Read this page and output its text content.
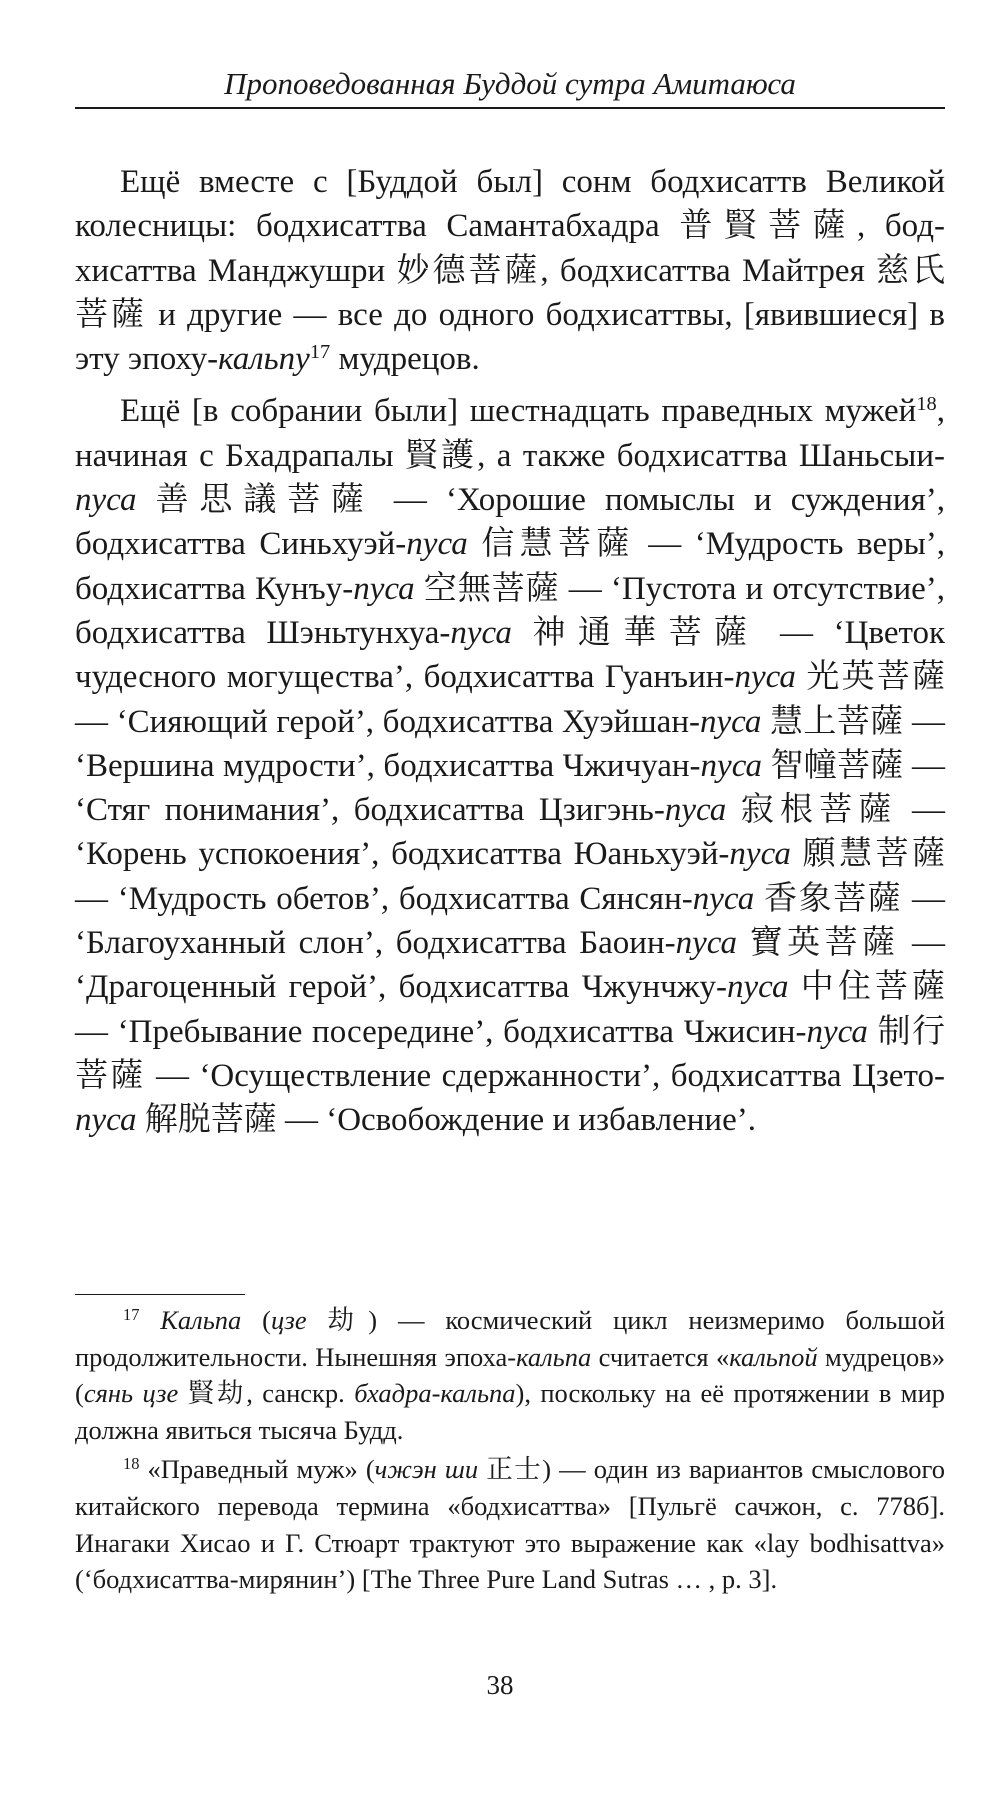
Проповедованная Буддой сутра Амитаюса

Ещё вместе с [Буддой был] сонм бодхисаттв Великой колесницы: бодхисаттва Самантабхадра 普賢菩薩, бодхисаттва Манджушри 妙德菩薩, бодхисаттва Майтрея 慈氏菩薩 и другие — все до одного бодхисаттвы, [явившиеся] в эту эпоху-кальпу$^{17}$ мудрецов.

Ещё [в собрании были] шестнадцать праведных мужей$^{18}$, начиная с Бхадрапалы 賢護, а также бодхисаттва Шаньсыи-пуса 善思議菩薩 — ‘Хорошие помыслы и суждения’, бодхисаттва Синьхуэй-пуса 信慧菩薩 — ‘Мудрость веры’, бодхисаттва Кунъу-пуса 空無菩薩 — ‘Пустота и отсутствие’, бодхисаттва Шэньтунхуа-пуса 神通華菩薩 — ‘Цветок чудесного могущества’, бодхисаттва Гуанъин-пуса 光英菩薩 — ‘Сияющий герой’, бодхисаттва Хуэйшан-пуса 慧上菩薩 — ‘Вершина мудрости’, бодхисаттва Чжичуан-пуса 智幢菩薩 — ‘Стяг понимания’, бодхисаттва Цзигэнь-пуса 寂根菩薩 — ‘Корень успокоения’, бодхисаттва Юаньхуэй-пуса 願慧菩薩 — ‘Мудрость обетов’, бодхисаттва Сянсян-пуса 香象菩薩 — ‘Благоуханный слон’, бодхисаттва Баоин-пуса 寶英菩薩 — ‘Драгоценный герой’, бодхисаттва Чжунчжу-пуса 中住菩薩 — ‘Пребывание посередине’, бодхисаттва Чжисин-пуса 制行菩薩 — ‘Осуществление сдержанности’, бодхисаттва Цзето-пуса 解脱菩薩 — ‘Освобождение и избавление’.

$^{17}$ Кальпа (цзе 劫) — космический цикл неизмеримо большой продолжительности. Нынешняя эпоха-кальпа считается «кальпой мудрецов» (сянь цзе 賢劫, санскр. бхадра-кальпа), поскольку на её протяжении в мир должна явиться тысяча Будд.

$^{18}$ «Праведный муж» (чжэн ши 正士) — один из вариантов смыслового китайского перевода термина «бодхисаттва» [Пульгё сачжон, с. 778б]. Инагаки Хисао и Г. Стюарт трактуют это выражение как «lay bodhisattva» (‘бодхисаттва-мирянин’) [The Three Pure Land Sutras … , p. 3].

38
